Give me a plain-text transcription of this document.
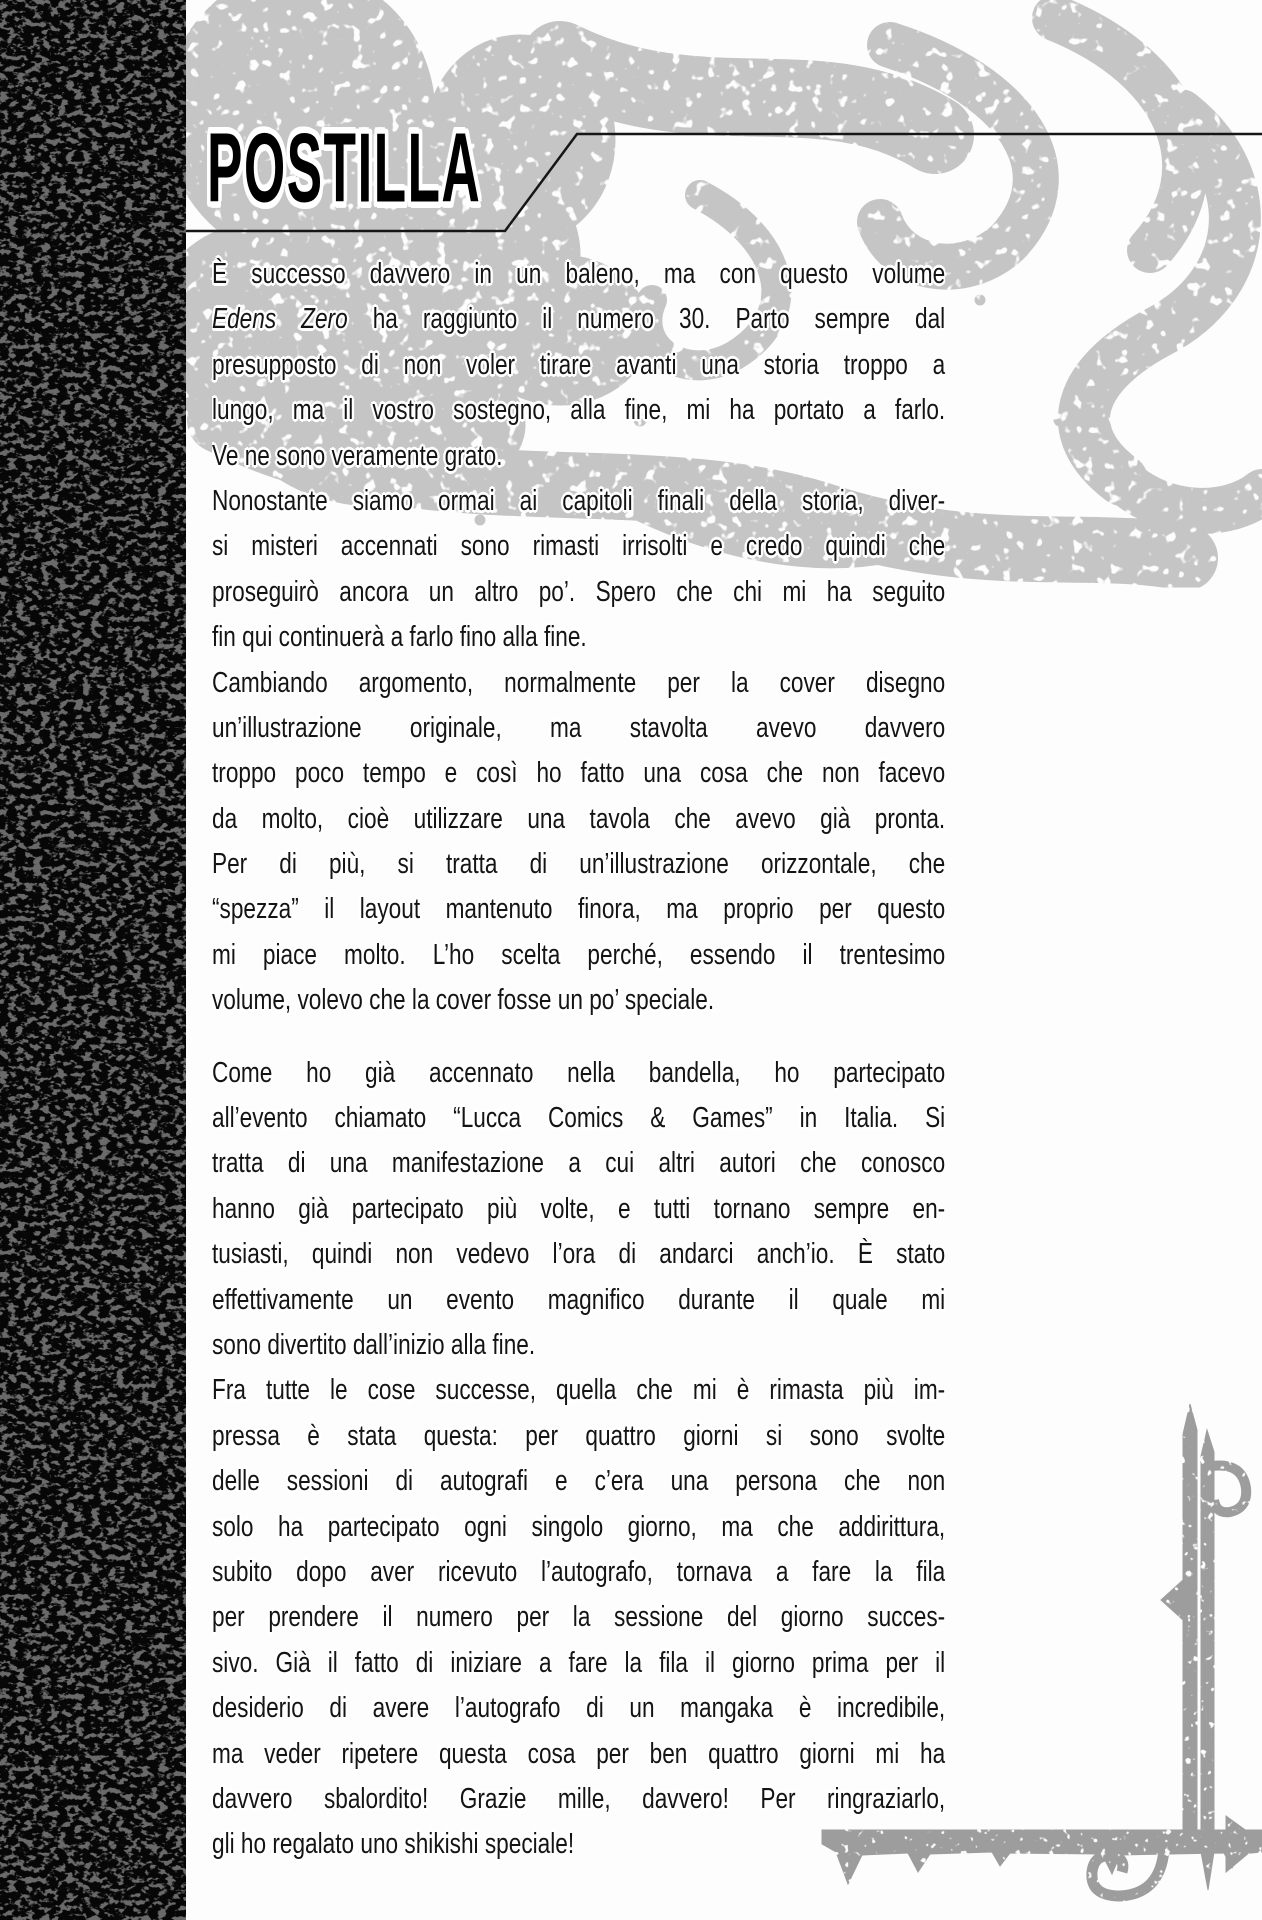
POSTILLA
È successo davvero in un baleno, ma con questo volume
Edens Zero ha raggiunto il numero 30. Parto sempre dal
presupposto di non voler tirare avanti una storia troppo a
lungo, ma il vostro sostegno, alla fine, mi ha portato a farlo.
Ve ne sono veramente grato.
Nonostante siamo ormai ai capitoli finali della storia, diver-
si misteri accennati sono rimasti irrisolti e credo quindi che
proseguirò ancora un altro po’. Spero che chi mi ha seguito
fin qui continuerà a farlo fino alla fine.
Cambiando argomento, normalmente per la cover disegno
un’illustrazione originale, ma stavolta avevo davvero
troppo poco tempo e così ho fatto una cosa che non facevo
da molto, cioè utilizzare una tavola che avevo già pronta.
Per di più, si tratta di un’illustrazione orizzontale, che
“spezza” il layout mantenuto finora, ma proprio per questo
mi piace molto. L’ho scelta perché, essendo il trentesimo
volume, volevo che la cover fosse un po’ speciale.
Come ho già accennato nella bandella, ho partecipato
all’evento chiamato “Lucca Comics & Games” in Italia. Si
tratta di una manifestazione a cui altri autori che conosco
hanno già partecipato più volte, e tutti tornano sempre en-
tusiasti, quindi non vedevo l’ora di andarci anch’io. È stato
effettivamente un evento magnifico durante il quale mi
sono divertito dall’inizio alla fine.
Fra tutte le cose successe, quella che mi è rimasta più im-
pressa è stata questa: per quattro giorni si sono svolte
delle sessioni di autografi e c’era una persona che non
solo ha partecipato ogni singolo giorno, ma che addirittura,
subito dopo aver ricevuto l’autografo, tornava a fare la fila
per prendere il numero per la sessione del giorno succes-
sivo. Già il fatto di iniziare a fare la fila il giorno prima per il
desiderio di avere l’autografo di un mangaka è incredibile,
ma veder ripetere questa cosa per ben quattro giorni mi ha
davvero sbalordito! Grazie mille, davvero! Per ringraziarlo,
gli ho regalato uno shikishi speciale!
